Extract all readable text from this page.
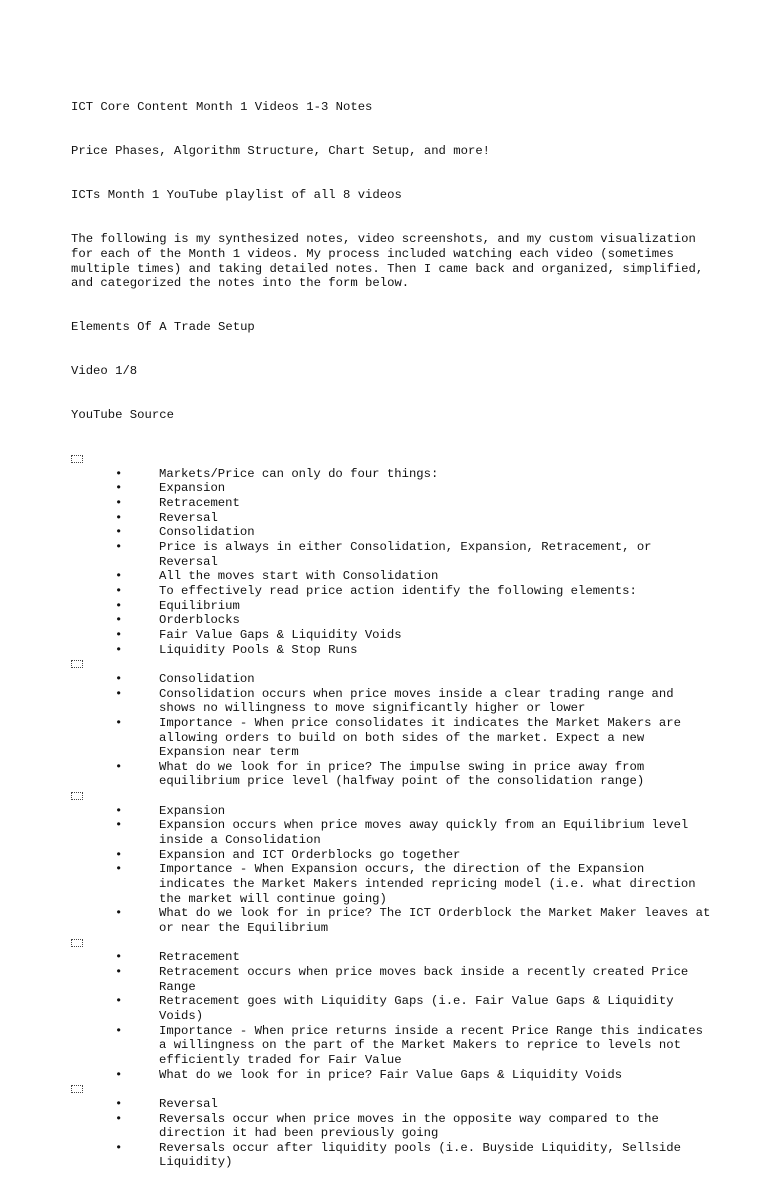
ICT Core Content Month 1 Videos 1-3 Notes

Price Phases, Algorithm Structure, Chart Setup, and more!

ICTs Month 1 YouTube playlist of all 8 videos

The following is my synthesized notes, video screenshots, and my custom visualization for each of the Month 1 videos. My process included watching each video (sometimes multiple times) and taking detailed notes. Then I came back and organized, simplified, and categorized the notes into the form below.

Elements Of A Trade Setup

Video 1/8

YouTube Source

•	Markets/Price can only do four things:
•	Expansion
•	Retracement
•	Reversal
•	Consolidation
•	Price is always in either Consolidation, Expansion, Retracement, or Reversal
•	All the moves start with Consolidation
•	To effectively read price action identify the following elements:
•	Equilibrium
•	Orderblocks
•	Fair Value Gaps & Liquidity Voids
•	Liquidity Pools & Stop Runs
•	Consolidation
•	Consolidation occurs when price moves inside a clear trading range and shows no willingness to move significantly higher or lower
•	Importance - When price consolidates it indicates the Market Makers are allowing orders to build on both sides of the market. Expect a new Expansion near term
•	What do we look for in price? The impulse swing in price away from equilibrium price level (halfway point of the consolidation range)
•	Expansion
•	Expansion occurs when price moves away quickly from an Equilibrium level inside a Consolidation
•	Expansion and ICT Orderblocks go together
•	Importance - When Expansion occurs, the direction of the Expansion indicates the Market Makers intended repricing model (i.e. what direction the market will continue going)
•	What do we look for in price? The ICT Orderblock the Market Maker leaves at or near the Equilibrium
•	Retracement
•	Retracement occurs when price moves back inside a recently created Price Range
•	Retracement goes with Liquidity Gaps (i.e. Fair Value Gaps & Liquidity Voids)
•	Importance - When price returns inside a recent Price Range this indicates a willingness on the part of the Market Makers to reprice to levels not efficiently traded for Fair Value
•	What do we look for in price? Fair Value Gaps & Liquidity Voids
•	Reversal
•	Reversals occur when price moves in the opposite way compared to the direction it had been previously going
•	Reversals occur after liquidity pools (i.e. Buyside Liquidity, Sellside Liquidity)
